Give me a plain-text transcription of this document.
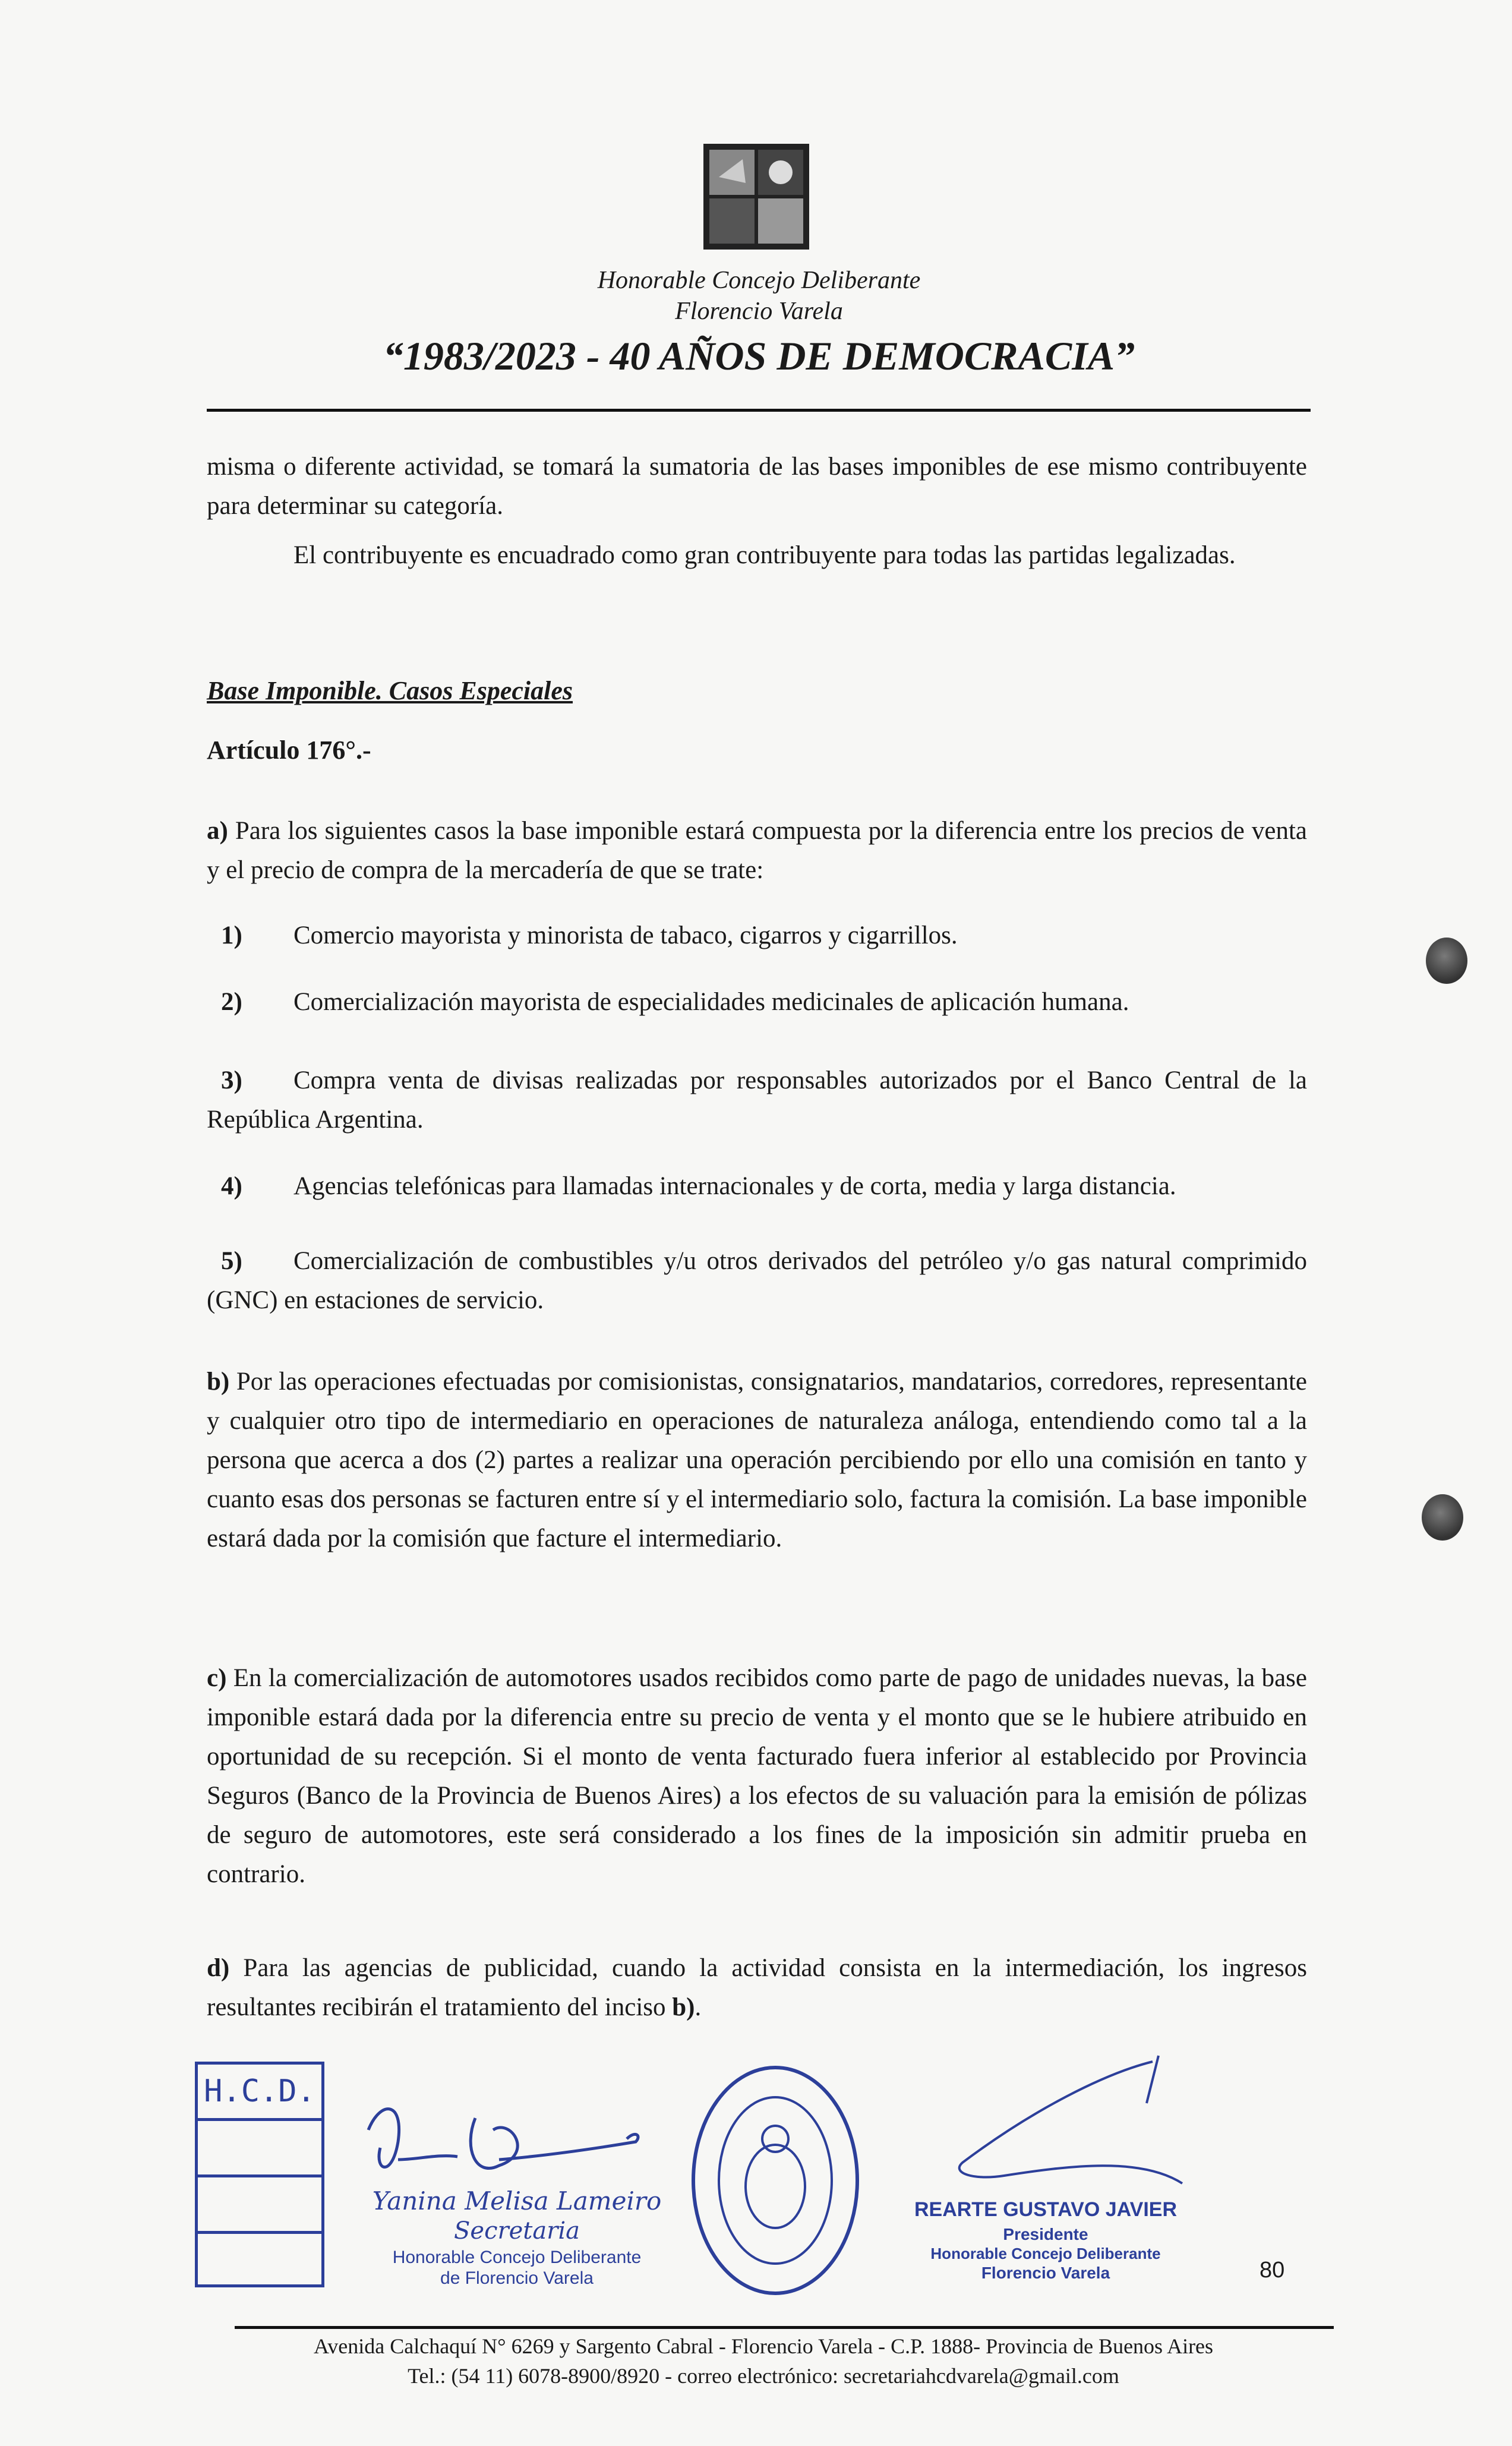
Honorable Concejo Deliberante
Florencio Varela
“1983/2023 - 40 AÑOS DE DEMOCRACIA”

misma o diferente actividad, se tomará la sumatoria de las bases imponibles de ese mismo contribuyente para determinar su categoría.

El contribuyente es encuadrado como gran contribuyente para todas las partidas legalizadas.

Base Imponible. Casos Especiales
Artículo 176°.-

a) Para los siguientes casos la base imponible estará compuesta por la diferencia entre los precios de venta y el precio de compra de la mercadería de que se trate:

1)	Comercio mayorista y minorista de tabaco, cigarros y cigarrillos.
2)	Comercialización mayorista de especialidades medicinales de aplicación humana.

3) Compra venta de divisas realizadas por responsables autorizados por el Banco Central de la República Argentina.

4)	Agencias telefónicas para llamadas internacionales y de corta, media y larga distancia.

5) Comercialización de combustibles y/u otros derivados del petróleo y/o gas natural comprimido (GNC) en estaciones de servicio.

b) Por las operaciones efectuadas por comisionistas, consignatarios, mandatarios, corredores, representante y cualquier otro tipo de intermediario en operaciones de naturaleza análoga, entendiendo como tal a la persona que acerca a dos (2) partes a realizar una operación percibiendo por ello una comisión en tanto y cuanto esas dos personas se facturen entre sí y el intermediario solo, factura la comisión. La base imponible estará dada por la comisión que facture el intermediario.

c) En la comercialización de automotores usados recibidos como parte de pago de unidades nuevas, la base imponible estará dada por la diferencia entre su precio de venta y el monto que se le hubiere atribuido en oportunidad de su recepción. Si el monto de venta facturado fuera inferior al establecido por Provincia Seguros (Banco de la Provincia de Buenos Aires) a los efectos de su valuación para la emisión de pólizas de seguro de automotores, este será considerado a los fines de la imposición sin admitir prueba en contrario.

d) Para las agencias de publicidad, cuando la actividad consista en la intermediación, los ingresos resultantes recibirán el tratamiento del inciso b).

H.C.D.
Yanina Melisa Lameiro
Secretaria
Honorable Concejo Deliberante
de Florencio Varela
REARTE GUSTAVO JAVIER
Presidente
Honorable Concejo Deliberante
Florencio Varela	80
Avenida Calchaquí N° 6269 y Sargento Cabral - Florencio Varela - C.P. 1888- Provincia de Buenos Aires
Tel.: (54 11) 6078-8900/8920 - correo electrónico: secretariahcdvarela@gmail.com
